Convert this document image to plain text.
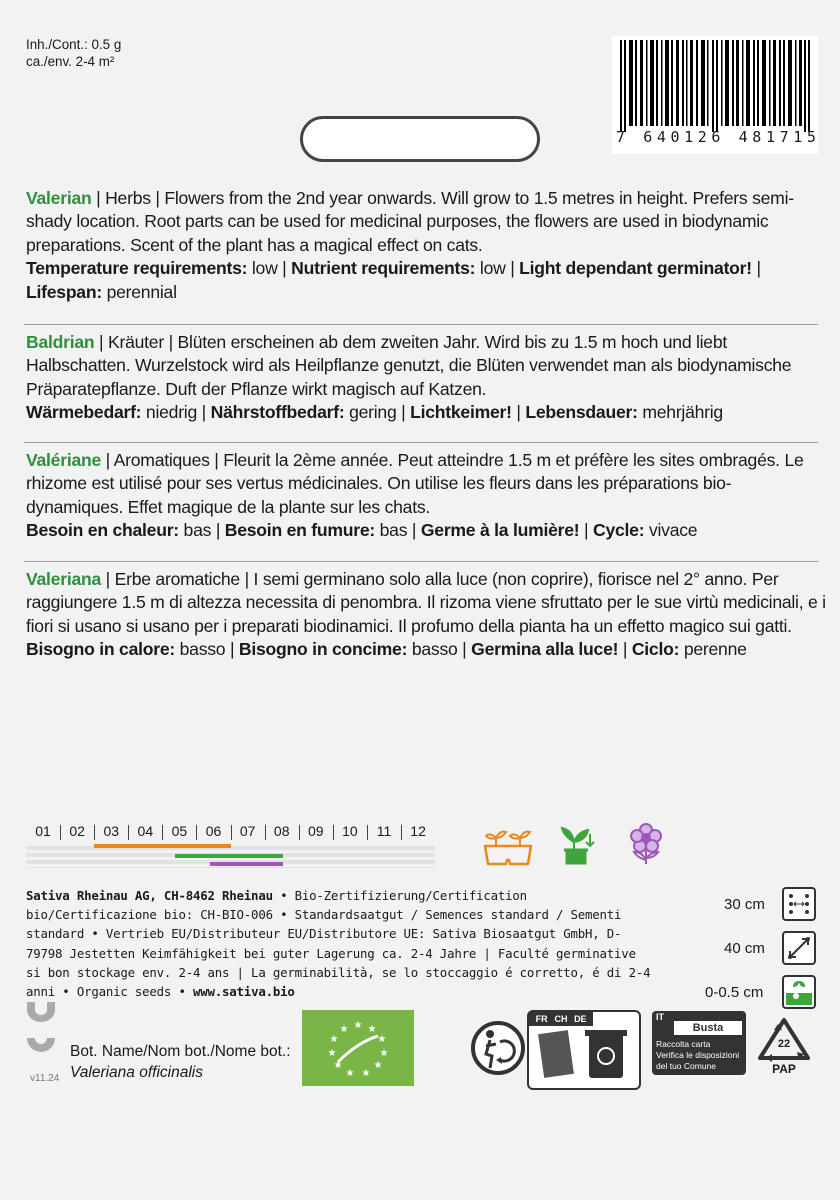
Inh./Cont.: 0.5 g
ca./env. 2-4 m²
7 640126 481715

Valerian | Herbs | Flowers from the 2nd year onwards. Will grow to 1.5 metres in height. Prefers semi-shady location. Root parts can be used for medicinal purposes, the flowers are used in biodynamic preparations. Scent of the plant has a magical effect on cats.

Temperature requirements: low | Nutrient requirements: low | Light dependant germinator! | Lifespan: perennial

Baldrian | Kräuter | Blüten erscheinen ab dem zweiten Jahr. Wird bis zu 1.5 m hoch und liebt Halbschatten. Wurzelstock wird als Heilpflanze genutzt, die Blüten verwendet man als biodynamische Präparatepflanze. Duft der Pflanze wirkt magisch auf Katzen.

Wärmebedarf: niedrig | Nährstoffbedarf: gering | Lichtkeimer! | Lebensdauer: mehrjährig

Valériane | Aromatiques | Fleurit la 2ème année. Peut atteindre 1.5 m et préfère les sites ombragés. Le rhizome est utilisé pour ses vertus médicinales. On utilise les fleurs dans les préparations bio-dynamiques. Effet magique de la plante sur les chats.

Besoin en chaleur: bas | Besoin en fumure: bas | Germe à la lumière! | Cycle: vivace

Valeriana | Erbe aromatiche | I semi germinano solo alla luce (non coprire), fiorisce nel 2° anno. Per raggiungere 1.5 m di altezza necessita di penombra. Il rizoma viene sfruttato per le sue virtù medicinali, e i fiori si usano si usano per i preparati biodinamici. Il profumo della pianta ha un effetto magico sui gatti.

Bisogno in calore: basso | Bisogno in concime: basso | Germina alla luce! | Ciclo: perenne

01	02	03	04	05	06	07	08	09	10	11	12
Sativa Rheinau AG, CH-8462 Rheinau • Bio-Zertifizierung/Certification bio/Certificazione bio: CH-BIO-006 • Standardsaatgut / Semences standard / Sementi standard • Vertrieb EU/Distributeur EU/Distributore UE: Sativa Biosaatgut GmbH, D-79798 Jestetten Keimfähigkeit bei guter Lagerung ca. 2-4 Jahre | Faculté germinative si bon stockage env. 2-4 ans | La germinabilità, se lo stoccaggio é corretto, é di 2-4 anni • Organic seeds • www.sativa.bio
30 cm
40 cm
0-0.5 cm
v11.24
Bot. Name/Nom bot./Nome bot.:
Valeriana officinalis
★ ★
★
★
★
★
★
★
★
★
★
FR CH DE	IT
Busta
Raccolta carta
Verifica le disposizioni
del tuo Comune
22
PAP
